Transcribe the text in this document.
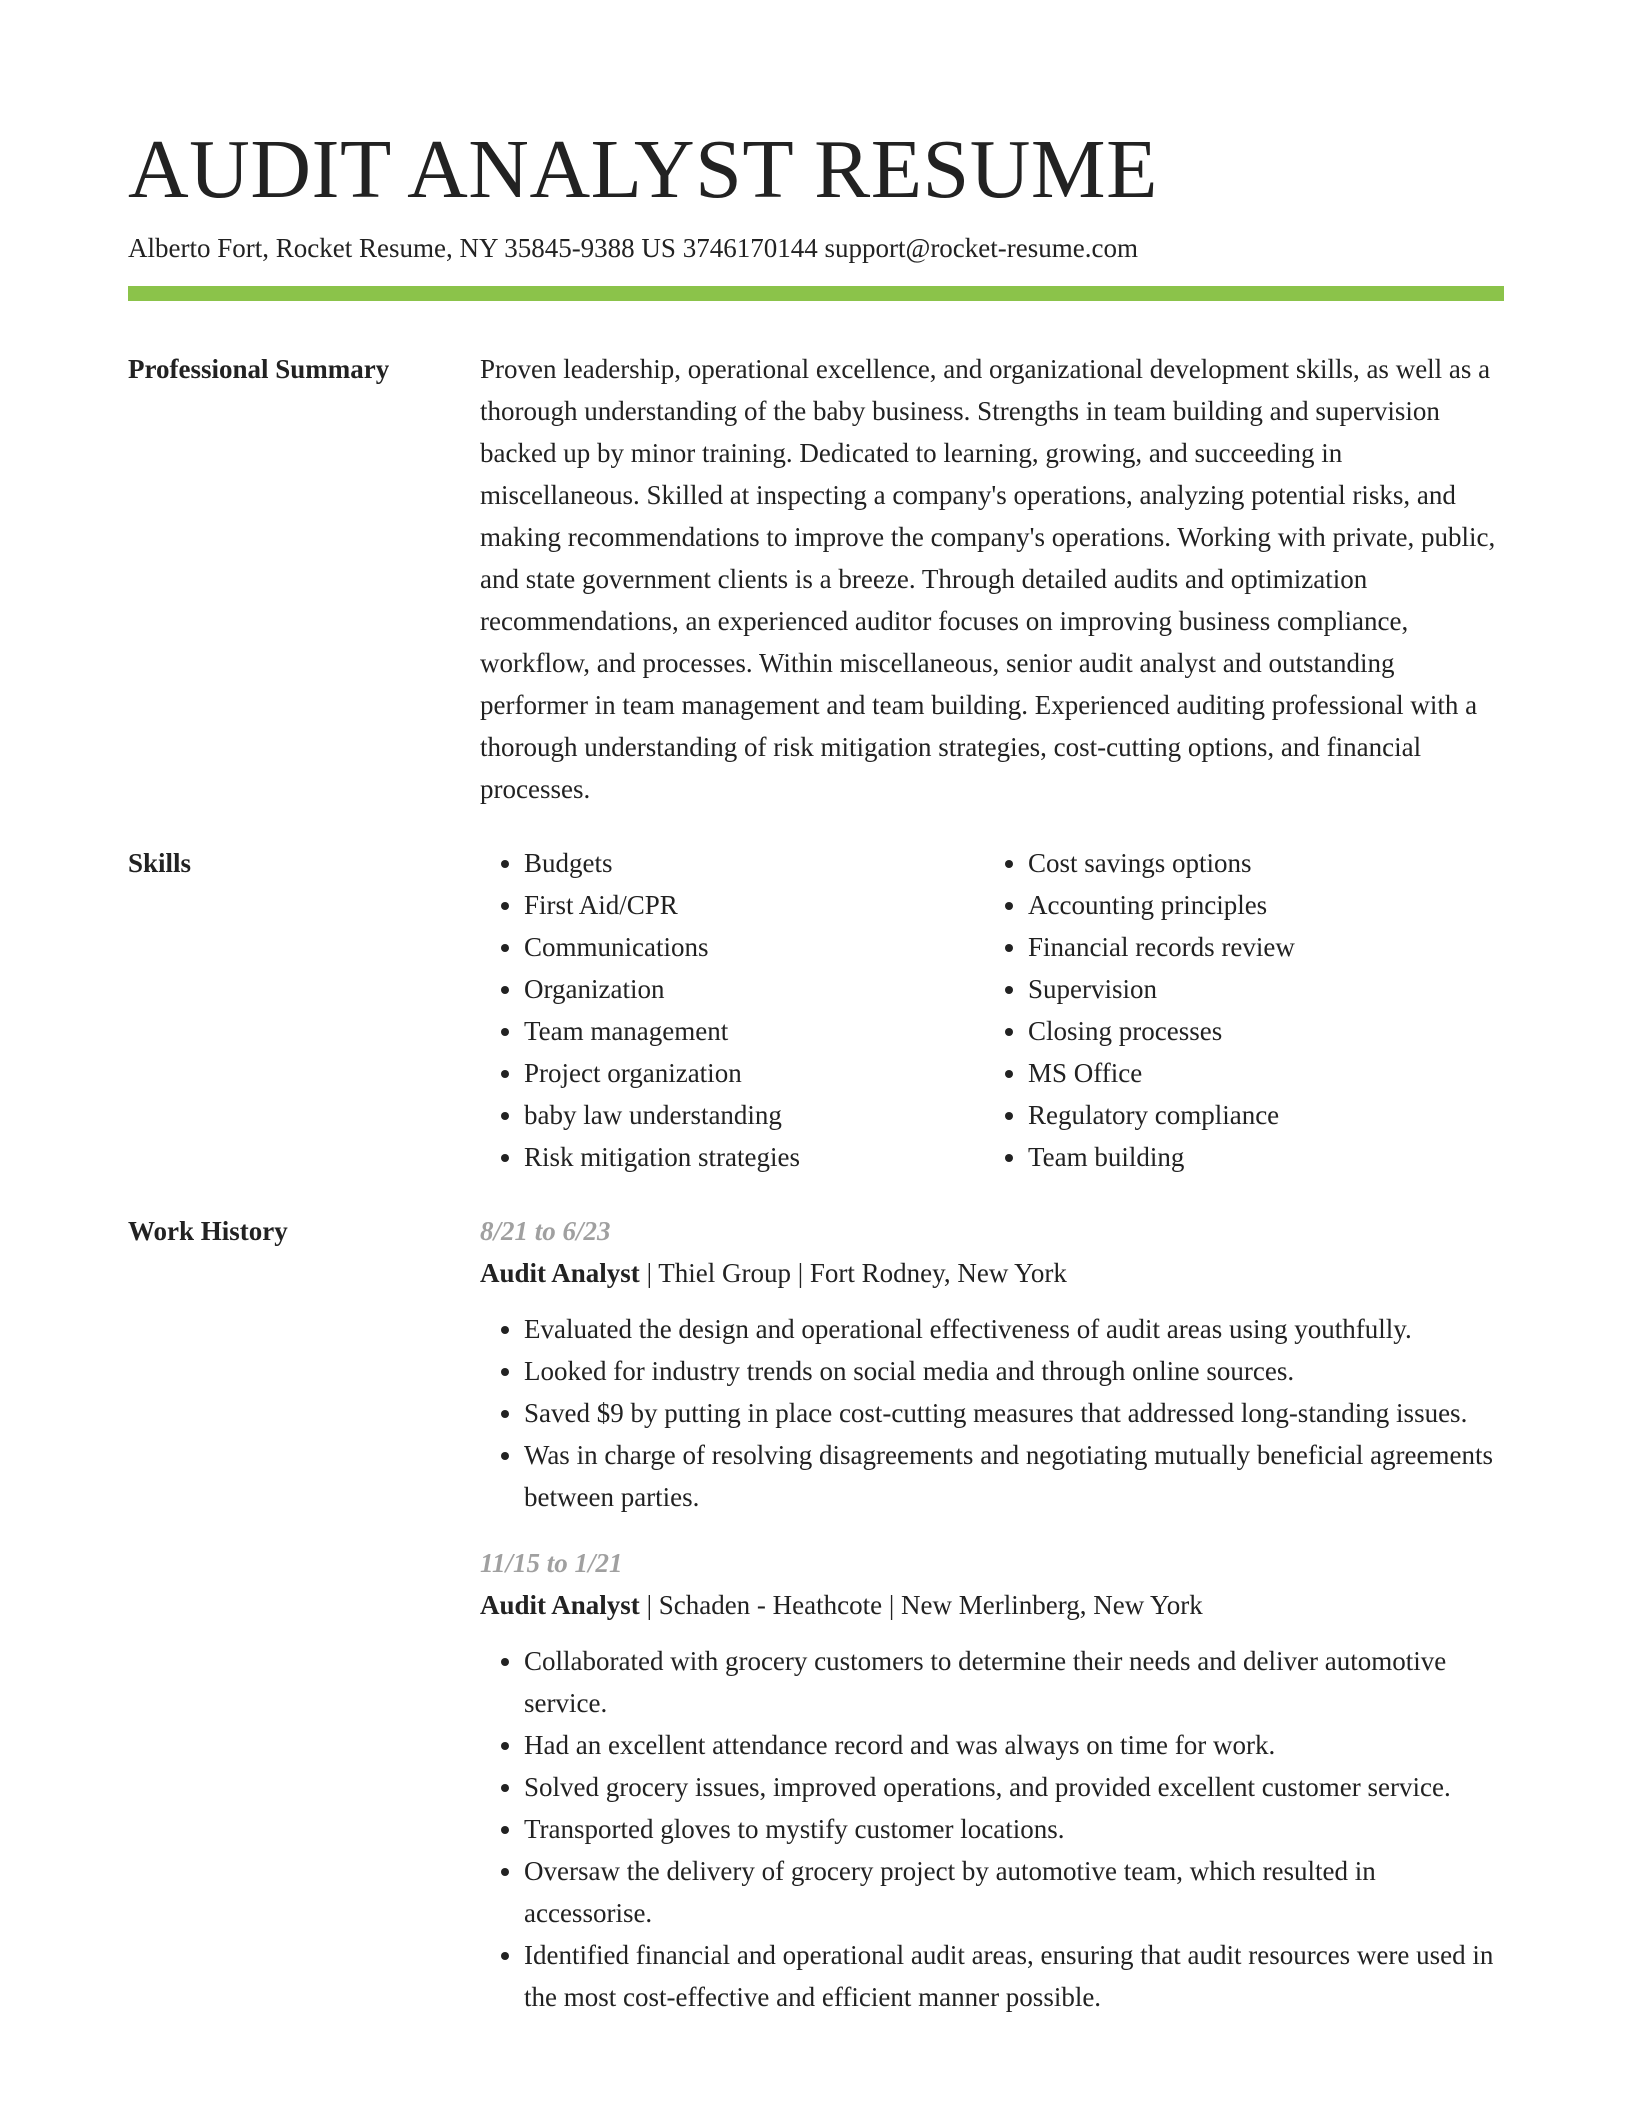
AUDIT ANALYST RESUME
Alberto Fort, Rocket Resume, NY 35845-9388 US 3746170144 support@rocket-resume.com
Professional Summary	Proven leadership, operational excellence, and organizational development skills, as well as a thorough understanding of the baby business. Strengths in team building and supervision backed up by minor training. Dedicated to learning, growing, and succeeding in miscellaneous. Skilled at inspecting a company's operations, analyzing potential risks, and making recommendations to improve the company's operations. Working with private, public, and state government clients is a breeze. Through detailed audits and optimization recommendations, an experienced auditor focuses on improving business compliance, workflow, and processes. Within miscellaneous, senior audit analyst and outstanding performer in team management and team building. Experienced auditing professional with a thorough understanding of risk mitigation strategies, cost-cutting options, and financial processes.

Skills
•	Budgets
• First Aid/CPR
• Communications
• Organization
• Team management
• Project organization
• baby law understanding
• Risk mitigation strategies
• Cost savings options
• Accounting principles
• Financial records review
• Supervision
• Closing processes
• MS Office
• Regulatory compliance
• Team building
Work History	8/21 to 6/23
Audit Analyst | Thiel Group | Fort Rodney, New York
• Evaluated the design and operational effectiveness of audit areas using youthfully.
• Looked for industry trends on social media and through online sources.
• Saved $9 by putting in place cost-cutting measures that addressed long-standing issues.
• Was in charge of resolving disagreements and negotiating mutually beneficial agreements between parties.
11/15 to 1/21
Audit Analyst | Schaden - Heathcote | New Merlinberg, New York
• Collaborated with grocery customers to determine their needs and deliver automotive service.
• Had an excellent attendance record and was always on time for work.
• Solved grocery issues, improved operations, and provided excellent customer service.
• Transported gloves to mystify customer locations.
• Oversaw the delivery of grocery project by automotive team, which resulted in accessorise.
• Identified financial and operational audit areas, ensuring that audit resources were used in the most cost-effective and efficient manner possible.
